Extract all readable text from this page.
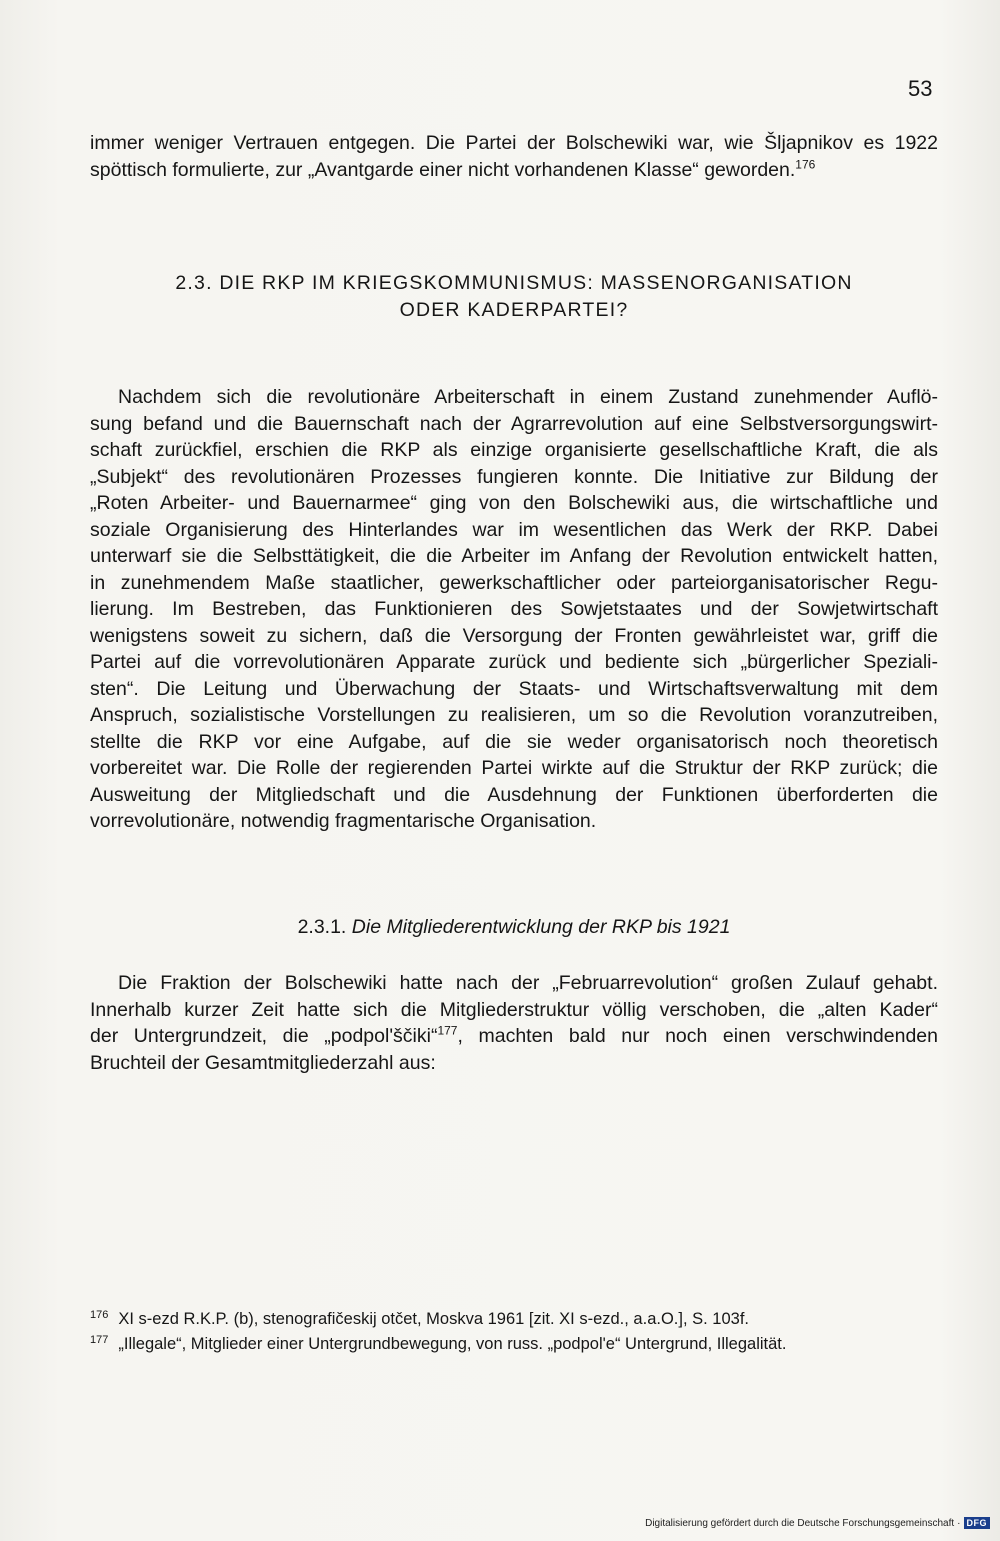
53
immer weniger Vertrauen entgegen. Die Partei der Bolschewiki war, wie Šljapnikov es 1922
spöttisch formulierte, zur „Avantgarde einer nicht vorhandenen Klasse“ geworden.$^{176}$
2.3. DIE RKP IM KRIEGSKOMMUNISMUS: MASSENORGANISATION
ODER KADERPARTEI?
Nachdem sich die revolutionäre Arbeiterschaft in einem Zustand zunehmender Auflö-
sung befand und die Bauernschaft nach der Agrarrevolution auf eine Selbstversorgungswirt-
schaft zurückfiel, erschien die RKP als einzige organisierte gesellschaftliche Kraft, die als
„Subjekt“ des revolutionären Prozesses fungieren konnte. Die Initiative zur Bildung der
„Roten Arbeiter- und Bauernarmee“ ging von den Bolschewiki aus, die wirtschaftliche und
soziale Organisierung des Hinterlandes war im wesentlichen das Werk der RKP. Dabei
unterwarf sie die Selbsttätigkeit, die die Arbeiter im Anfang der Revolution entwickelt hatten,
in zunehmendem Maße staatlicher, gewerkschaftlicher oder parteiorganisatorischer Regu-
lierung. Im Bestreben, das Funktionieren des Sowjetstaates und der Sowjetwirtschaft
wenigstens soweit zu sichern, daß die Versorgung der Fronten gewährleistet war, griff die
Partei auf die vorrevolutionären Apparate zurück und bediente sich „bürgerlicher Speziali-
sten“. Die Leitung und Überwachung der Staats- und Wirtschaftsverwaltung mit dem
Anspruch, sozialistische Vorstellungen zu realisieren, um so die Revolution voranzutreiben,
stellte die RKP vor eine Aufgabe, auf die sie weder organisatorisch noch theoretisch
vorbereitet war. Die Rolle der regierenden Partei wirkte auf die Struktur der RKP zurück; die
Ausweitung der Mitgliedschaft und die Ausdehnung der Funktionen überforderten die
vorrevolutionäre, notwendig fragmentarische Organisation.
2.3.1. Die Mitgliederentwicklung der RKP bis 1921
Die Fraktion der Bolschewiki hatte nach der „Februarrevolution“ großen Zulauf gehabt.
Innerhalb kurzer Zeit hatte sich die Mitgliederstruktur völlig verschoben, die „alten Kader“
der Untergrundzeit, die „podpol'ščiki“$^{177}$, machten bald nur noch einen verschwindenden
Bruchteil der Gesamtmitgliederzahl aus:
$^{176}$ XI s-ezd R.K.P. (b), stenografičeskij otčet, Moskva 1961 [zit. XI s-ezd., a.a.O.], S. 103f.
$^{177}$ „Illegale“, Mitglieder einer Untergrundbewegung, von russ. „podpol'e“ Untergrund, Illegalität.
Digitalisierung gefördert durch die Deutsche Forschungsgemeinschaft · DFG
